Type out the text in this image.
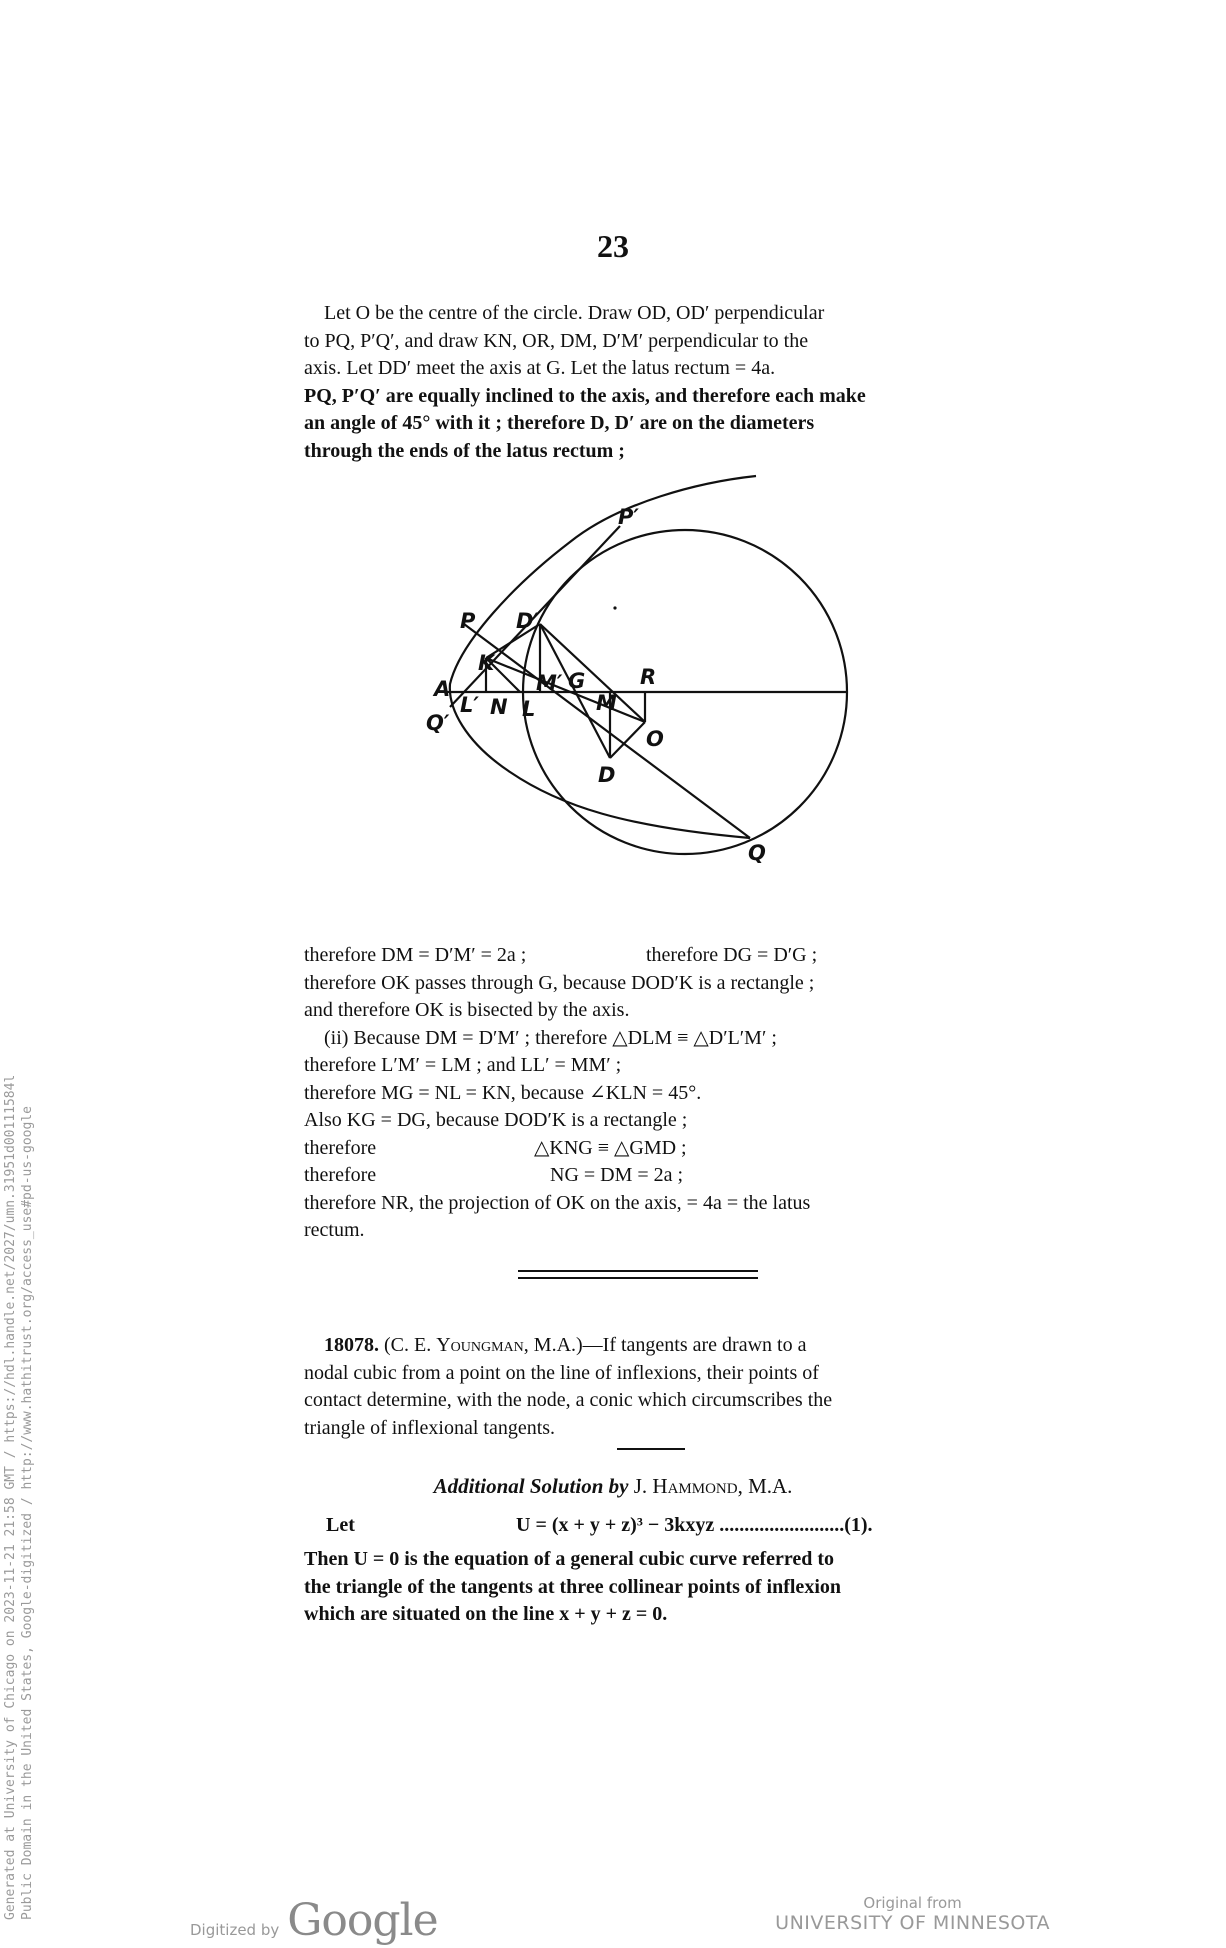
23

Let O be the centre of the circle. Draw OD, OD′ perpendicular

to PQ, P′Q′, and draw KN, OR, DM, D′M′ perpendicular to the

axis. Let DD′ meet the axis at G. Let the latus rectum = 4a.

PQ, P′Q′ are equally inclined to the axis, and therefore each make

an angle of 45° with it ; therefore D, D′ are on the diameters

through the ends of the latus rectum ;

P′
P D′
K
A
L′ N L
M′ G
M
R
O
Q′
D
Q
therefore DM = D′M′ = 2a ;	therefore DG = D′G ;

therefore OK passes through G, because DOD′K is a rectangle ;

and therefore OK is bisected by the axis.

(ii) Because DM = D′M′ ; therefore △DLM ≡ △D′L′M′ ;

therefore L′M′ = LM ; and LL′ = MM′ ;

therefore MG = NL = KN, because ∠KLN = 45°.

Also KG = DG, because DOD′K is a rectangle ;

therefore	△KNG ≡ △GMD ;
therefore	NG = DM = 2a ;

therefore NR, the projection of OK on the axis, = 4a = the latus

rectum.

18078. (C. E. Youngman, M.A.)—If tangents are drawn to a

nodal cubic from a point on the line of inflexions, their points of

contact determine, with the node, a conic which circumscribes the

triangle of inflexional tangents.

Additional Solution by J. Hammond, M.A.
Let	U = (x + y + z)³ − 3kxyz .........................(1).

Then U = 0 is the equation of a general cubic curve referred to

the triangle of the tangents at three collinear points of inflexion

which are situated on the line x + y + z = 0.

Generated at University of Chicago on 2023-11-21 21:58 GMT / https://hdl.handle.net/2027/umn.31951d00111584l Public Domain in the United States, Google-digitized / http://www.hathitrust.org/access_use#pd-us-google
Digitized by Google	Original from
UNIVERSITY OF MINNESOTA
